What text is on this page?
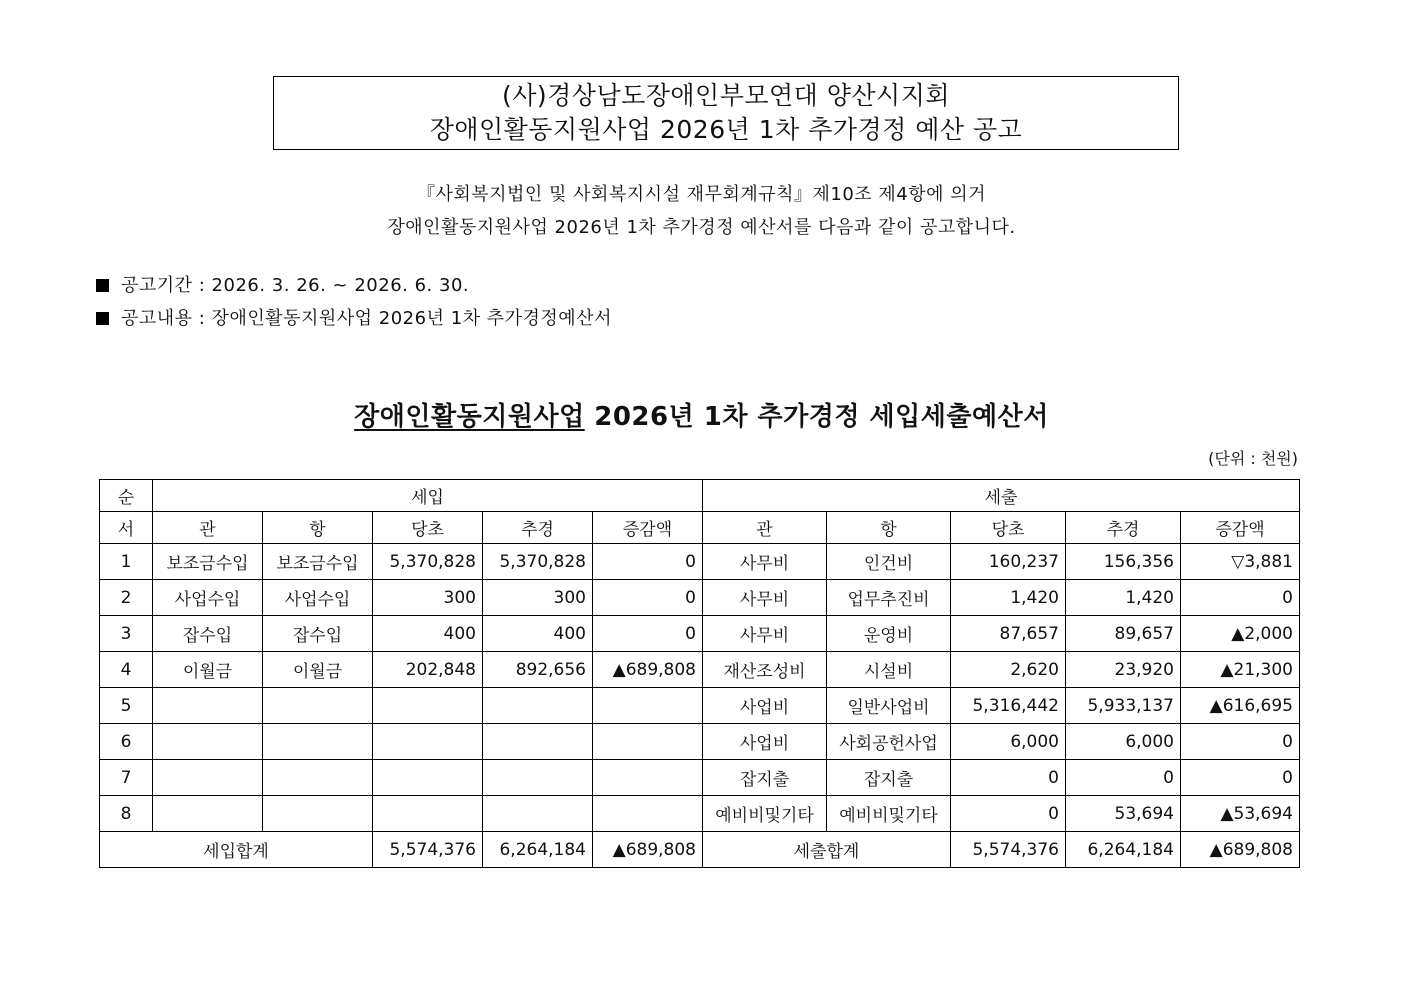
(사)경상남도장애인부모연대 양산시지회
장애인활동지원사업 2026년 1차 추가경정 예산 공고
『사회복지법인 및 사회복지시설 재무회계규칙』제10조 제4항에 의거
장애인활동지원사업 2026년 1차 추가경정 예산서를 다음과 같이 공고합니다.
공고기간 : 2026. 3. 26. ~ 2026. 6. 30.
공고내용 : 장애인활동지원사업 2026년 1차 추가경정예산서
장애인활동지원사업 2026년 1차 추가경정 세입세출예산서
(단위 : 천원)
순	세입					세출				
서	관	항	당초	추경	증감액	관	항	당초	추경	증감액
1	보조금수입	보조금수입	5,370,828	5,370,828	0	사무비	인건비	160,237	156,356	▽3,881
2	사업수입	사업수입	300	300	0	사무비	업무추진비	1,420	1,420	0
3	잡수입	잡수입	400	400	0	사무비	운영비	87,657	89,657	▲2,000
4	이월금	이월금	202,848	892,656	▲689,808	재산조성비	시설비	2,620	23,920	▲21,300
5						사업비	일반사업비	5,316,442	5,933,137	▲616,695
6						사업비	사회공헌사업	6,000	6,000	0
7						잡지출	잡지출	0	0	0
8						예비비및기타	예비비및기타	0	53,694	▲53,694
세입합계			5,574,376	6,264,184	▲689,808	세출합계		5,574,376	6,264,184	▲689,808
